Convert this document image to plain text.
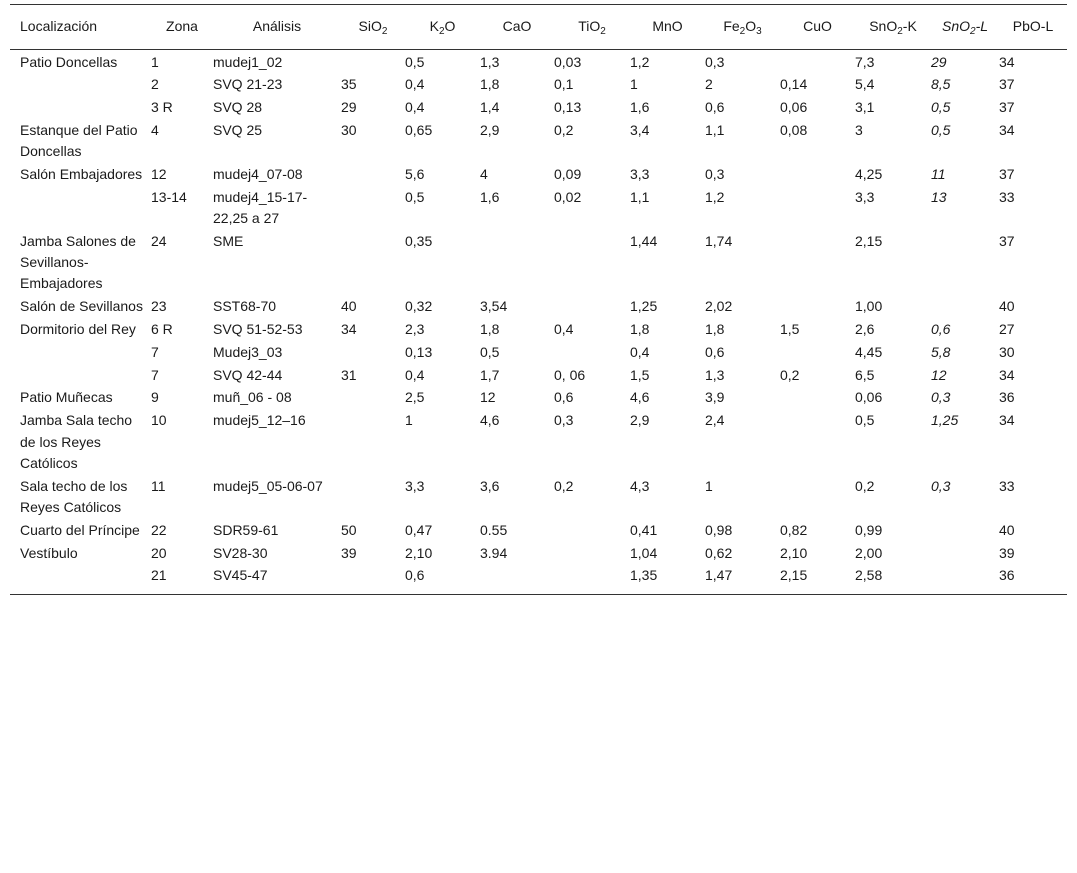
Localización	Zona	Análisis	SiO$_2$	$K_2O$	CaO	TiO$_2$	MnO	$Fe_2O_3$	CuO	SnO$_2$-K	SnO$_2$-L	PbO-L
Patio Doncellas	1	mudej1_02		0,5	1,3	0,03	1,2	0,3		7,3	29	34
	2	SVQ 21-23	35	0,4	1,8	0,1	1	2	0,14	5,4	8,5	37
	3 R	SVQ 28	29	0,4	1,4	0,13	1,6	0,6	0,06	3,1	0,5	37
Estanque del Patio Doncellas	4	SVQ 25	30	0,65	2,9	0,2	3,4	1,1	0,08	3	0,5	34
Salón Embajadores	12	mudej4_07-08		5,6	4	0,09	3,3	0,3		4,25	11	37
	13-14	mudej4_15-17-22,25 a 27		0,5	1,6	0,02	1,1	1,2		3,3	13	33
Jamba Salones de Sevillanos-Embajadores	24	SME		0,35			1,44	1,74		2,15		37
Salón de Sevillanos	23	SST68-70	40	0,32	3,54		1,25	2,02		1,00		40
Dormitorio del Rey	6 R	SVQ 51-52-53	34	2,3	1,8	0,4	1,8	1,8	1,5	2,6	0,6	27
	7	Mudej3_03		0,13	0,5		0,4	0,6		4,45	5,8	30
	7	SVQ 42-44	31	0,4	1,7	0, 06	1,5	1,3	0,2	6,5	12	34
Patio Muñecas	9	muñ_06 - 08		2,5	12	0,6	4,6	3,9		0,06	0,3	36
Jamba Sala techo de los Reyes Católicos	10	mudej5_12–16		1	4,6	0,3	2,9	2,4		0,5	1,25	34
Sala techo de los Reyes Católicos	11	mudej5_05-06-07		3,3	3,6	0,2	4,3	1		0,2	0,3	33
Cuarto del Príncipe	22	SDR59-61	50	0,47	0.55		0,41	0,98	0,82	0,99		40
Vestíbulo	20	SV28-30	39	2,10	3.94		1,04	0,62	2,10	2,00		39
	21	SV45-47		0,6			1,35	1,47	2,15	2,58		36
